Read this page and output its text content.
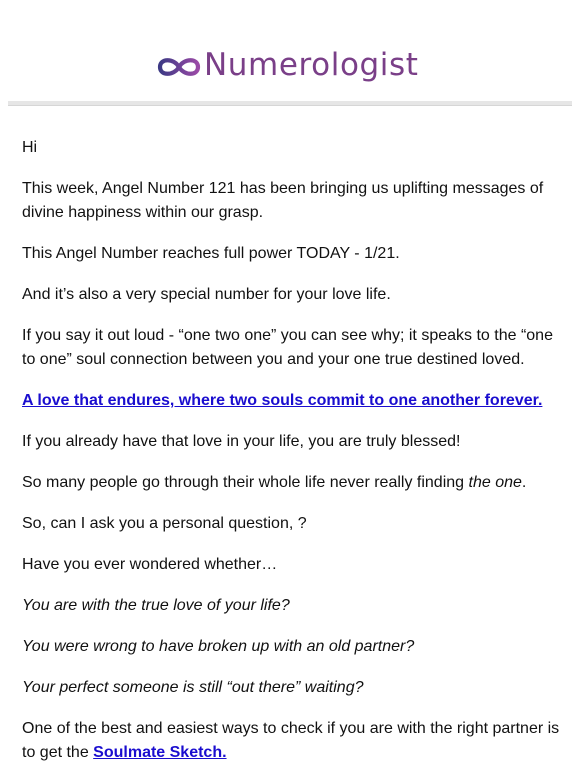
Numerologist

Hi

This week, Angel Number 121 has been bringing us uplifting messages of divine happiness within our grasp.

This Angel Number reaches full power TODAY - 1/21.

And it’s also a very special number for your love life.

If you say it out loud - “one two one” you can see why; it speaks to the “one to one” soul connection between you and your one true destined loved.

A love that endures, where two souls commit to one another forever.

If you already have that love in your life, you are truly blessed!

So many people go through their whole life never really finding the one.

So, can I ask you a personal question, ?

Have you ever wondered whether…

You are with the true love of your life?

You were wrong to have broken up with an old partner?

Your perfect someone is still “out there” waiting?

One of the best and easiest ways to check if you are with the right partner is to get the Soulmate Sketch.
